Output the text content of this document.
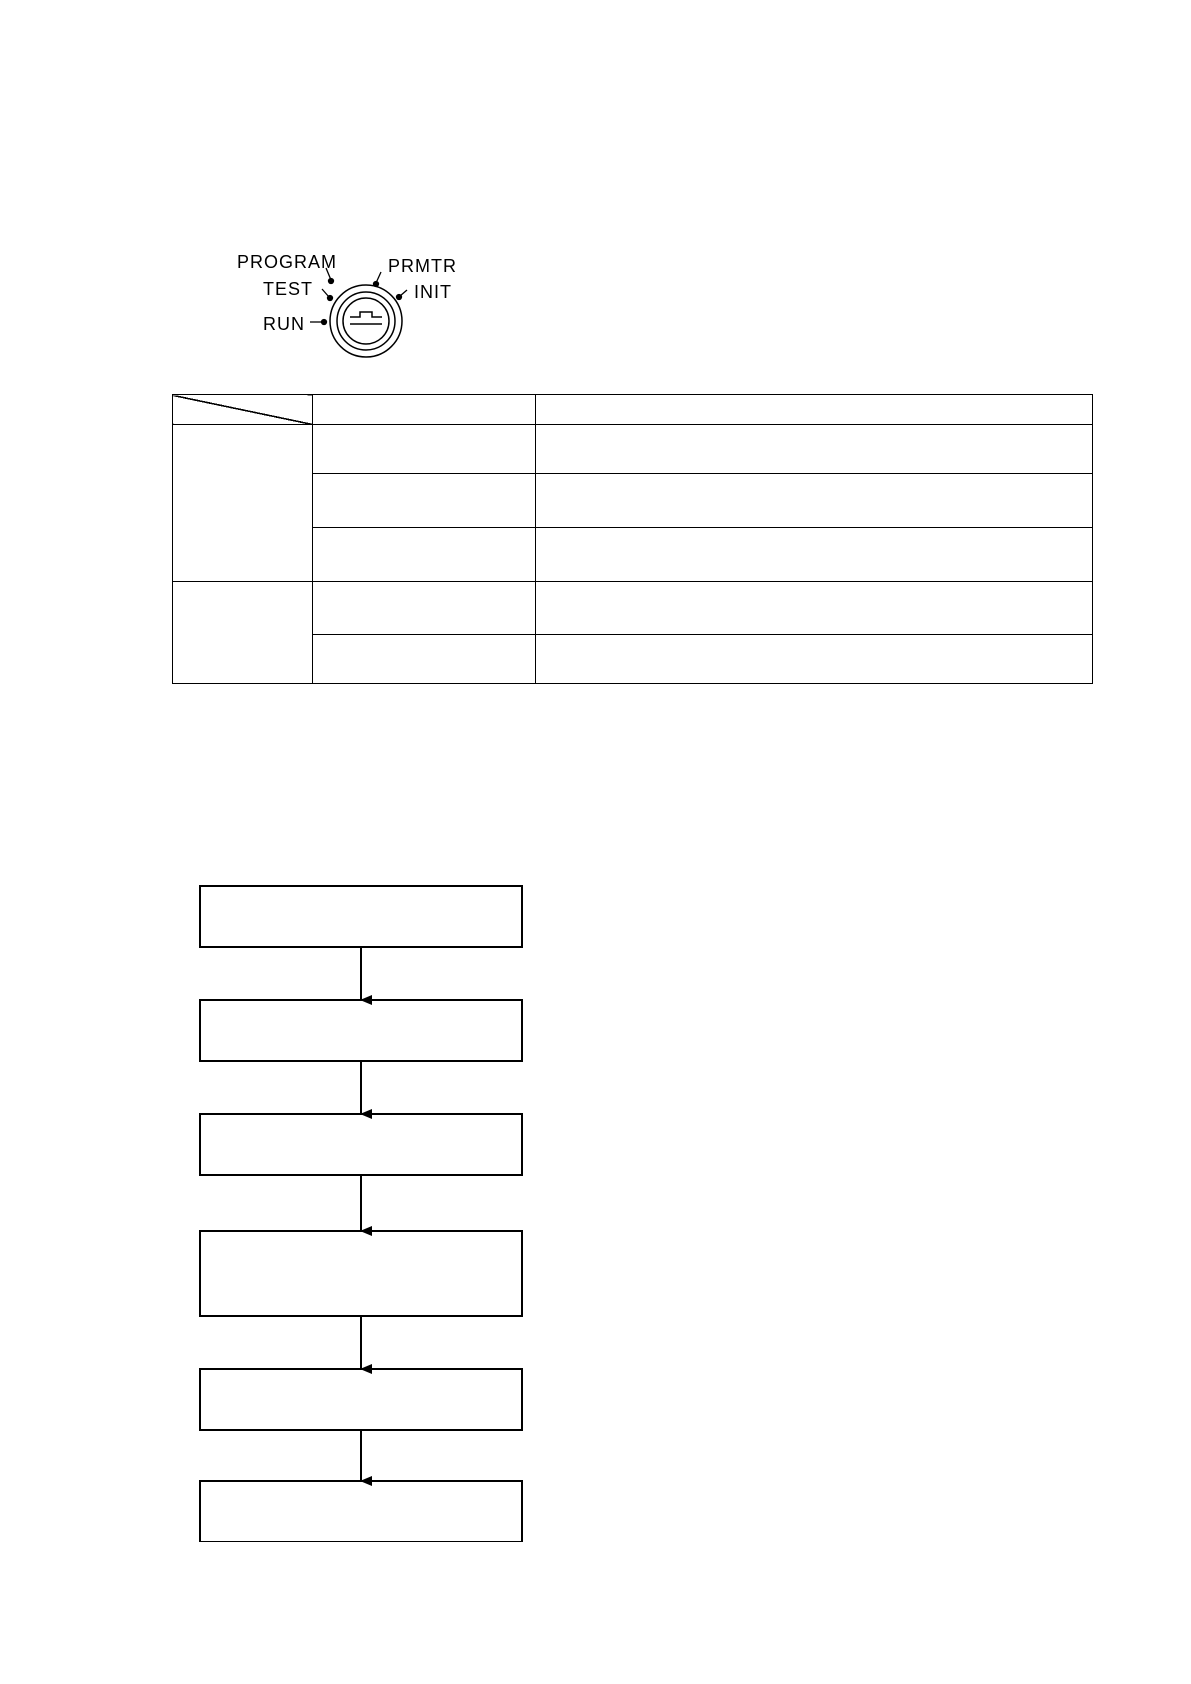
PROGRAM
TEST
RUN
PRMTR
INIT
